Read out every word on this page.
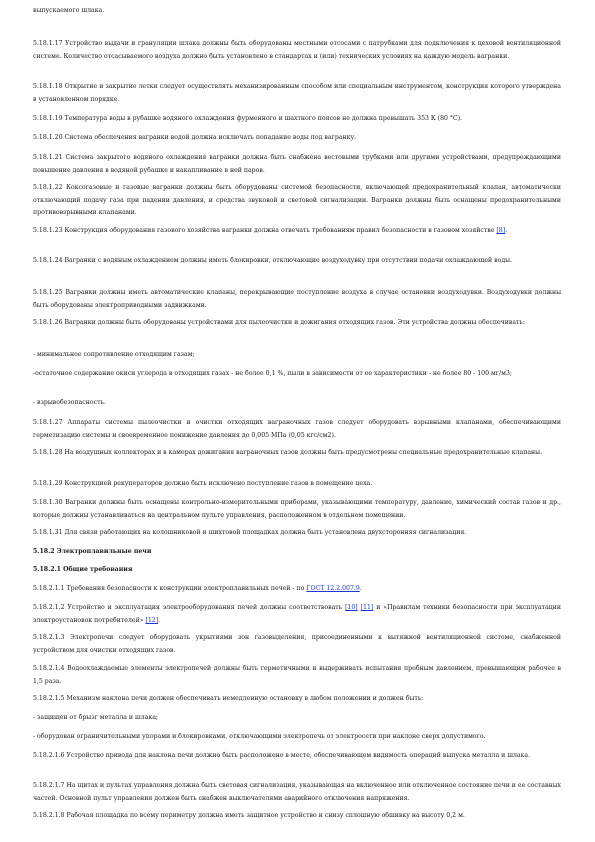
выпускаемого шлака.

5.18.1.17 Устройство выдачи и грануляции шлака должны быть оборудованы местными отсосами с патрубками для подключения к цеховой вентиляционной системе. Количество отсасываемого воздуха должно быть установлено в стандартах и (или) технических условиях на каждую модель вагранки.

5.18.1.18 Открытие и закрытие летки следует осуществлять механизированным способом или специальным инструментом, конструкция которого утверждена в установленном порядке.

5.18.1.19 Температура воды в рубашке водяного охлаждения фурменного и шахтного поясов не должна превышать 353 К (80 °С).

5.18.1.20 Система обеспечения вагранки водой должна исключать попадание воды под вагранку.

5.18.1.21 Система закрытого водяного охлаждения вагранки должна быть снабжена вестовыми трубками или другими устройствами, предупреждающими повышение давления в водяной рубашке и накапливание в ней паров.

5.18.1.22 Коксогазовые и газовые вагранки должны быть оборудованы системой безопасности, включающей предохранительный клапан, автоматически отключающий подачу газа при падении давления, и средства звуковой и световой сигнализации. Вагранки должны быть оснащены предохранительными противовзрывными клапанами.

5.18.1.23 Конструкция оборудования газового хозяйства вагранки должна отвечать требованиям правил безопасности в газовом хозяйстве [8].

5.18.1.24 Вагранки с водяным охлаждением должны иметь блокировки, отключающие воздуходувку при отсутствии подачи охлаждающей воды.

5.18.1.25 Вагранки должны иметь автоматические клапаны, перекрывающие поступление воздуха в случае остановки воздуходувки. Воздуходувки должны быть оборудованы электроприводными задвижками.

5.18.1.26 Вагранки должны быть оборудованы устройствами для пылеочистки и дожигания отходящих газов. Эти устройства должны обеспечивать:

- минимальное сопротивление отходящим газам;

-остаточное содержание окиси углерода в отходящих газах - не более 0,1 %, пыли в зависимости от ее характеристики - не более 80 - 100 мг/м3;

- взрывобезопасность.

5.18.1.27 Аппараты системы пылеочистки и очистки отходящих ваграночных газов следует оборудовать взрывными клапанами, обеспечивающими герметизацию системы и своевременное понижение давления до 0,005 МПа (0,05 кгс/см2).

5.18.1.28 На воздушных коллекторах и в камерах дожигания ваграночных газов должны быть предусмотрены специальные предохранительные клапаны.

5.18.1.29 Конструкцией рекуператоров должно быть исключено поступление газов в помещение цеха.

5.18.1.30 Вагранки должны быть оснащены контрольно-измерительными приборами, указывающими температуру, давление, химический состав газов и др., которые должны устанавливаться на центральном пульте управления, расположенном в отдельном помещении.

5.18.1.31 Для связи работающих на колошниковой и шихтовой площадках должна быть установлена двухсторонняя сигнализация.

5.18.2 Электроплавильные печи

5.18.2.1 Общие требования

5.18.2.1.1 Требования безопасности к конструкции электроплавильных печей - по ГОСТ 12.2.007.9.

5.18.2.1.2 Устройство и эксплуатация электрооборудования печей должны соответствовать [10] [11] и «Правилам техники безопасности при эксплуатации электроустановок потребителей» [12].

5.18.2.1.3 Электропечи следует оборудовать укрытиями зон газовыделения, присоединенными к вытяжной вентиляционной системе, снабженной устройством для очистки отходящих газов.

5.18.2.1.4 Водоохлаждаемые элементы электропечей должны быть герметичными и выдерживать испытания пробным давлением, превышающим рабочее в 1,5 раза.

5.18.2.1.5 Механизм наклона печи должен обеспечивать немедленную остановку в любом положении и должен быть:

- защищен от брызг металла и шлака;

- оборудован ограничительными упорами и блокировками, отключающими электропечь от электросети при наклоне сверх допустимого.

5.18.2.1.6 Устройство привода для наклона печи должно быть расположено в месте, обеспечивающем видимость операций выпуска металла и шлака.

5.18.2.1.7 На щитах и пультах управления должна быть световая сигнализация, указывающая на включенное или отключенное состояние печи и ее составных частей. Основной пульт управления должен быть снабжен выключателями аварийного отключения напряжения.

5.18.2.1.8 Рабочая площадка по всему периметру должна иметь защитное устройство и снизу сплошную обшивку на высоту 0,2 м.
